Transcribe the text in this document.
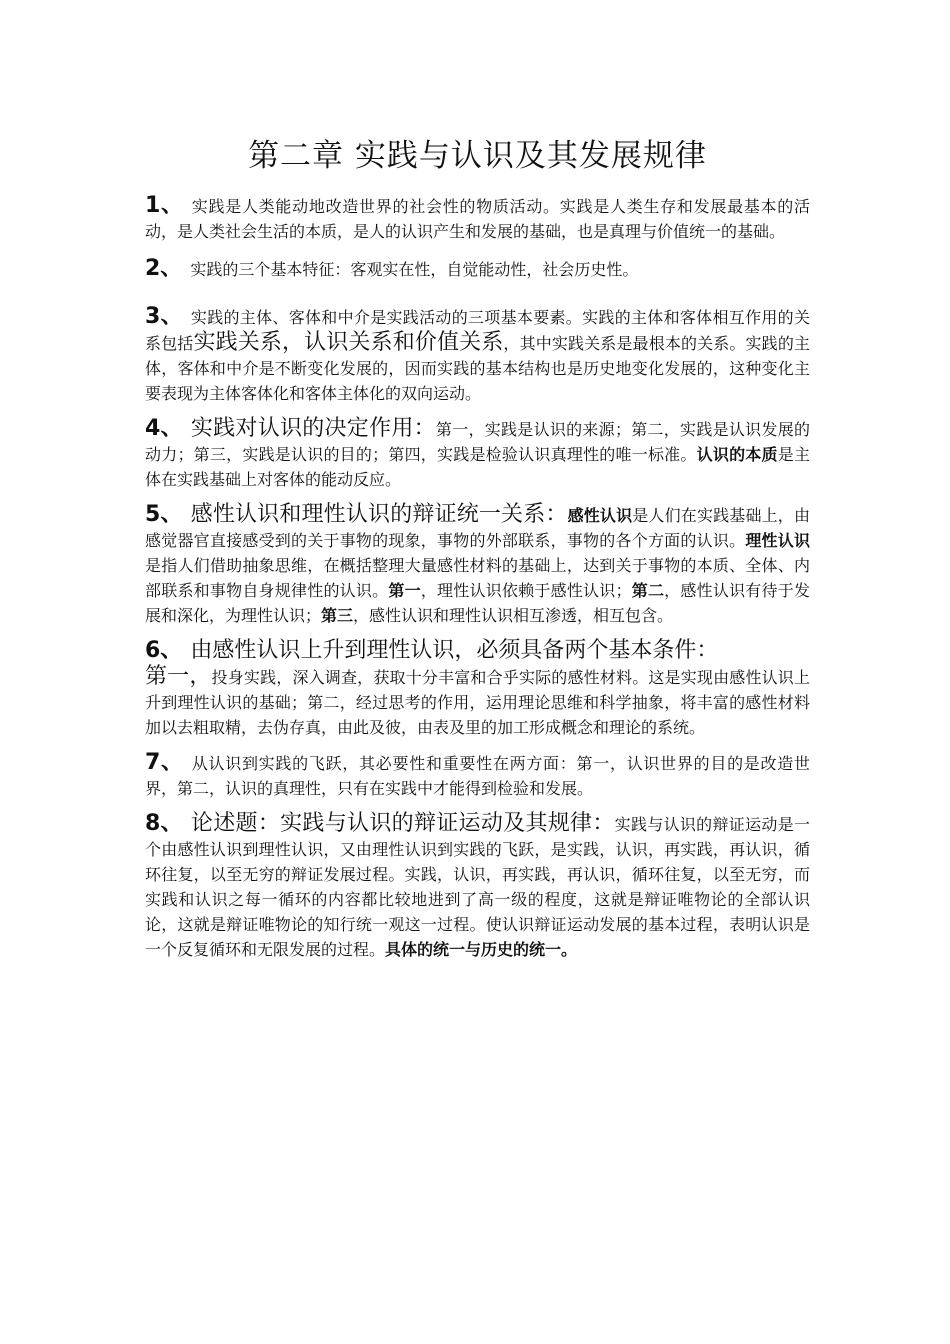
第二章 实践与认识及其发展规律

1、 实践是人类能动地改造世界的社会性的物质活动。实践是人类生存和发展最基本的活动，是人类社会生活的本质，是人的认识产生和发展的基础，也是真理与价值统一的基础。

2、 实践的三个基本特征：客观实在性，自觉能动性，社会历史性。

3、 实践的主体、客体和中介是实践活动的三项基本要素。实践的主体和客体相互作用的关系包括实践关系，认识关系和价值关系，其中实践关系是最根本的关系。实践的主体，客体和中介是不断变化发展的，因而实践的基本结构也是历史地变化发展的，这种变化主要表现为主体客体化和客体主体化的双向运动。

4、 实践对认识的决定作用：第一，实践是认识的来源；第二，实践是认识发展的动力；第三，实践是认识的目的；第四，实践是检验认识真理性的唯一标准。认识的本质是主体在实践基础上对客体的能动反应。

5、 感性认识和理性认识的辩证统一关系：感性认识是人们在实践基础上，由感觉器官直接感受到的关于事物的现象，事物的外部联系，事物的各个方面的认识。理性认识是指人们借助抽象思维，在概括整理大量感性材料的基础上，达到关于事物的本质、全体、内部联系和事物自身规律性的认识。第一，理性认识依赖于感性认识；第二，感性认识有待于发展和深化，为理性认识；第三，感性认识和理性认识相互渗透，相互包含。

6、 由感性认识上升到理性认识，必须具备两个基本条件：
第一，投身实践，深入调查，获取十分丰富和合乎实际的感性材料。这是实现由感性认识上升到理性认识的基础；第二，经过思考的作用，运用理论思维和科学抽象，将丰富的感性材料加以去粗取精，去伪存真，由此及彼，由表及里的加工形成概念和理论的系统。

7、 从认识到实践的飞跃，其必要性和重要性在两方面：第一，认识世界的目的是改造世界，第二，认识的真理性，只有在实践中才能得到检验和发展。

8、 论述题：实践与认识的辩证运动及其规律：实践与认识的辩证运动是一个由感性认识到理性认识，又由理性认识到实践的飞跃，是实践，认识，再实践，再认识，循环往复，以至无穷的辩证发展过程。实践，认识，再实践，再认识，循环往复，以至无穷，而实践和认识之每一循环的内容都比较地进到了高一级的程度，这就是辩证唯物论的全部认识论，这就是辩证唯物论的知行统一观这一过程。使认识辩证运动发展的基本过程，表明认识是一个反复循环和无限发展的过程。具体的统一与历史的统一。
